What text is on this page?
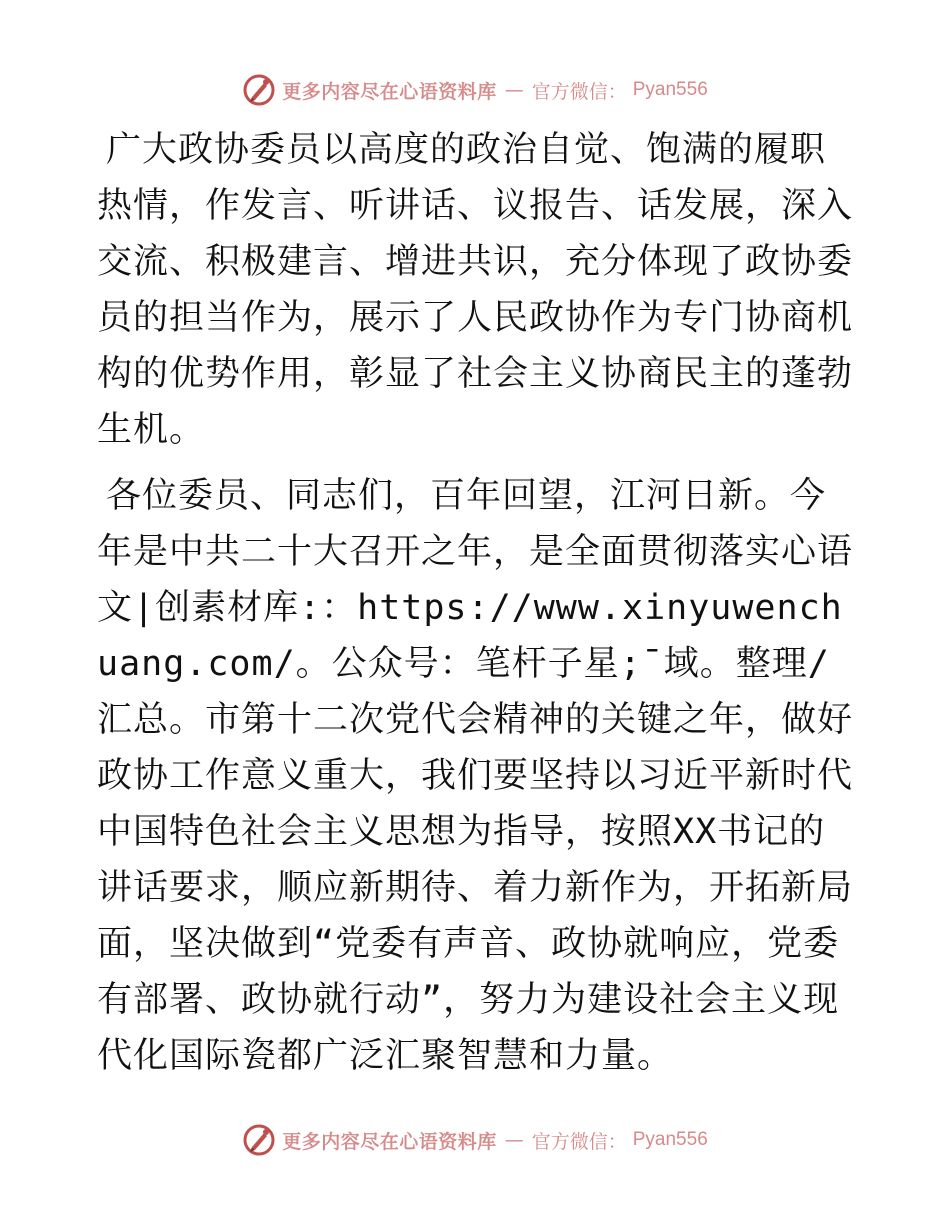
更多内容尽在心语资料库 — 官方微信： Pyan556

广大政协委员以高度的政治自觉、饱满的履职热情，作发言、听讲话、议报告、话发展，深入交流、积极建言、增进共识，充分体现了政协委员的担当作为，展示了人民政协作为专门协商机构的优势作用，彰显了社会主义协商民主的蓬勃生机。

各位委员、同志们，百年回望，江河日新。今年是中共二十大召开之年，是全面贯彻落实心语文|创素材库:：https://www.xinyuwenchuang.com/。公众号：笔杆子星;¯域。整理/汇总。市第十二次党代会精神的关键之年，做好政协工作意义重大，我们要坚持以习近平新时代中国特色社会主义思想为指导，按照XX书记的讲话要求，顺应新期待、着力新作为，开拓新局面，坚决做到“党委有声音、政协就响应，党委有部署、政协就行动”，努力为建设社会主义现代化国际瓷都广泛汇聚智慧和力量。

更多内容尽在心语资料库 — 官方微信： Pyan556
